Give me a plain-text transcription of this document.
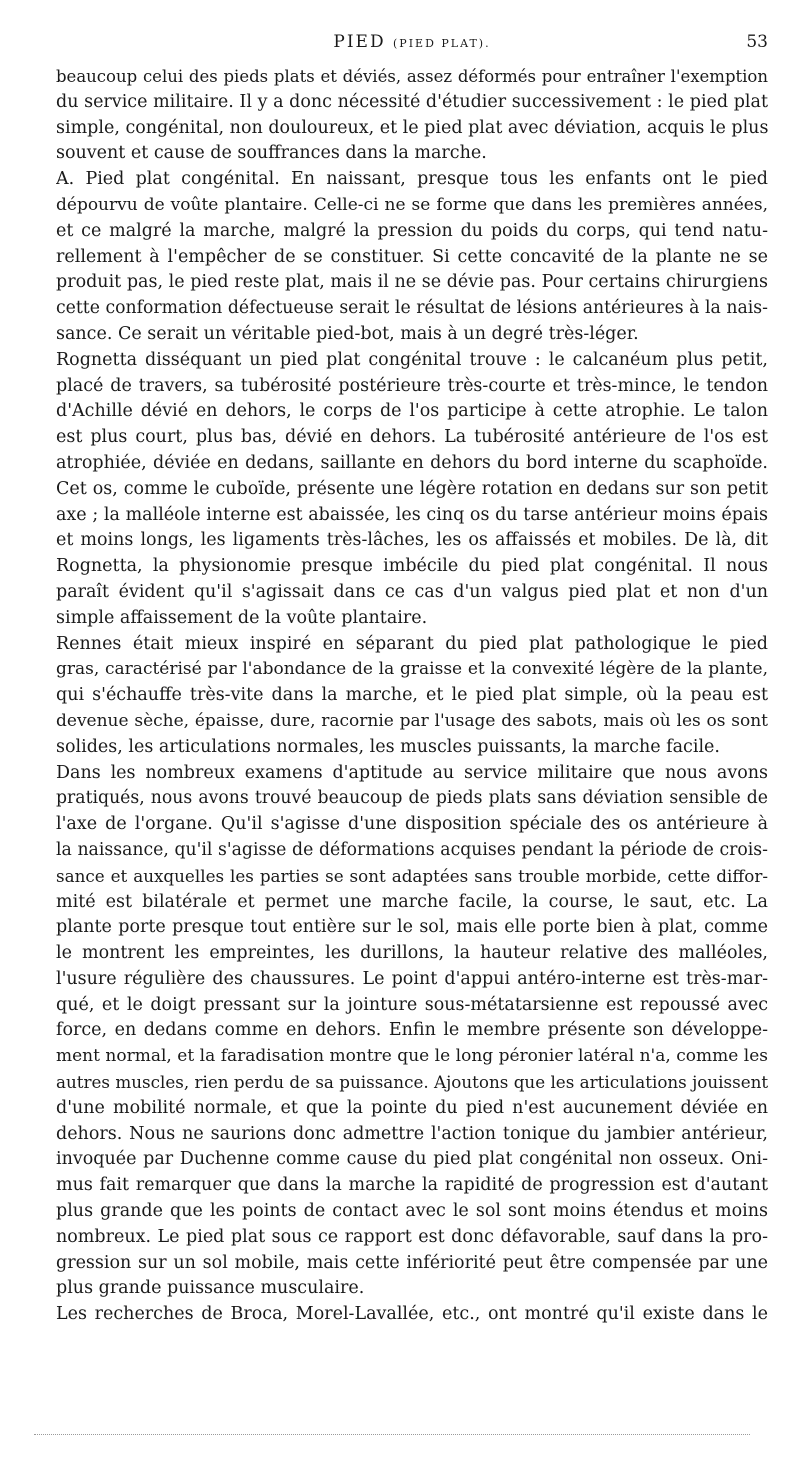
PIED (PIED PLAT).	53
beaucoup celui des pieds plats et déviés, assez déformés pour entraîner l'exemption
du service militaire. Il y a donc nécessité d'étudier successivement : le pied plat
simple, congénital, non douloureux, et le pied plat avec déviation, acquis le plus
souvent et cause de souffrances dans la marche.
A. Pied plat congénital. En naissant, presque tous les enfants ont le pied
dépourvu de voûte plantaire. Celle-ci ne se forme que dans les premières années,
et ce malgré la marche, malgré la pression du poids du corps, qui tend natu-
rellement à l'empêcher de se constituer. Si cette concavité de la plante ne se
produit pas, le pied reste plat, mais il ne se dévie pas. Pour certains chirurgiens
cette conformation défectueuse serait le résultat de lésions antérieures à la nais-
sance. Ce serait un véritable pied-bot, mais à un degré très-léger.
Rognetta disséquant un pied plat congénital trouve : le calcanéum plus petit,
placé de travers, sa tubérosité postérieure très-courte et très-mince, le tendon
d'Achille dévié en dehors, le corps de l'os participe à cette atrophie. Le talon
est plus court, plus bas, dévié en dehors. La tubérosité antérieure de l'os est
atrophiée, déviée en dedans, saillante en dehors du bord interne du scaphoïde.
Cet os, comme le cuboïde, présente une légère rotation en dedans sur son petit
axe ; la malléole interne est abaissée, les cinq os du tarse antérieur moins épais
et moins longs, les ligaments très-lâches, les os affaissés et mobiles. De là, dit
Rognetta, la physionomie presque imbécile du pied plat congénital. Il nous
paraît évident qu'il s'agissait dans ce cas d'un valgus pied plat et non d'un
simple affaissement de la voûte plantaire.
Rennes était mieux inspiré en séparant du pied plat pathologique le pied
gras, caractérisé par l'abondance de la graisse et la convexité légère de la plante,
qui s'échauffe très-vite dans la marche, et le pied plat simple, où la peau est
devenue sèche, épaisse, dure, racornie par l'usage des sabots, mais où les os sont
solides, les articulations normales, les muscles puissants, la marche facile.
Dans les nombreux examens d'aptitude au service militaire que nous avons
pratiqués, nous avons trouvé beaucoup de pieds plats sans déviation sensible de
l'axe de l'organe. Qu'il s'agisse d'une disposition spéciale des os antérieure à
la naissance, qu'il s'agisse de déformations acquises pendant la période de crois-
sance et auxquelles les parties se sont adaptées sans trouble morbide, cette diffor-
mité est bilatérale et permet une marche facile, la course, le saut, etc. La
plante porte presque tout entière sur le sol, mais elle porte bien à plat, comme
le montrent les empreintes, les durillons, la hauteur relative des malléoles,
l'usure régulière des chaussures. Le point d'appui antéro-interne est très-mar-
qué, et le doigt pressant sur la jointure sous-métatarsienne est repoussé avec
force, en dedans comme en dehors. Enfin le membre présente son développe-
ment normal, et la faradisation montre que le long péronier latéral n'a, comme les
autres muscles, rien perdu de sa puissance. Ajoutons que les articulations jouissent
d'une mobilité normale, et que la pointe du pied n'est aucunement déviée en
dehors. Nous ne saurions donc admettre l'action tonique du jambier antérieur,
invoquée par Duchenne comme cause du pied plat congénital non osseux. Oni-
mus fait remarquer que dans la marche la rapidité de progression est d'autant
plus grande que les points de contact avec le sol sont moins étendus et moins
nombreux. Le pied plat sous ce rapport est donc défavorable, sauf dans la pro-
gression sur un sol mobile, mais cette infériorité peut être compensée par une
plus grande puissance musculaire.
Les recherches de Broca, Morel-Lavallée, etc., ont montré qu'il existe dans le
